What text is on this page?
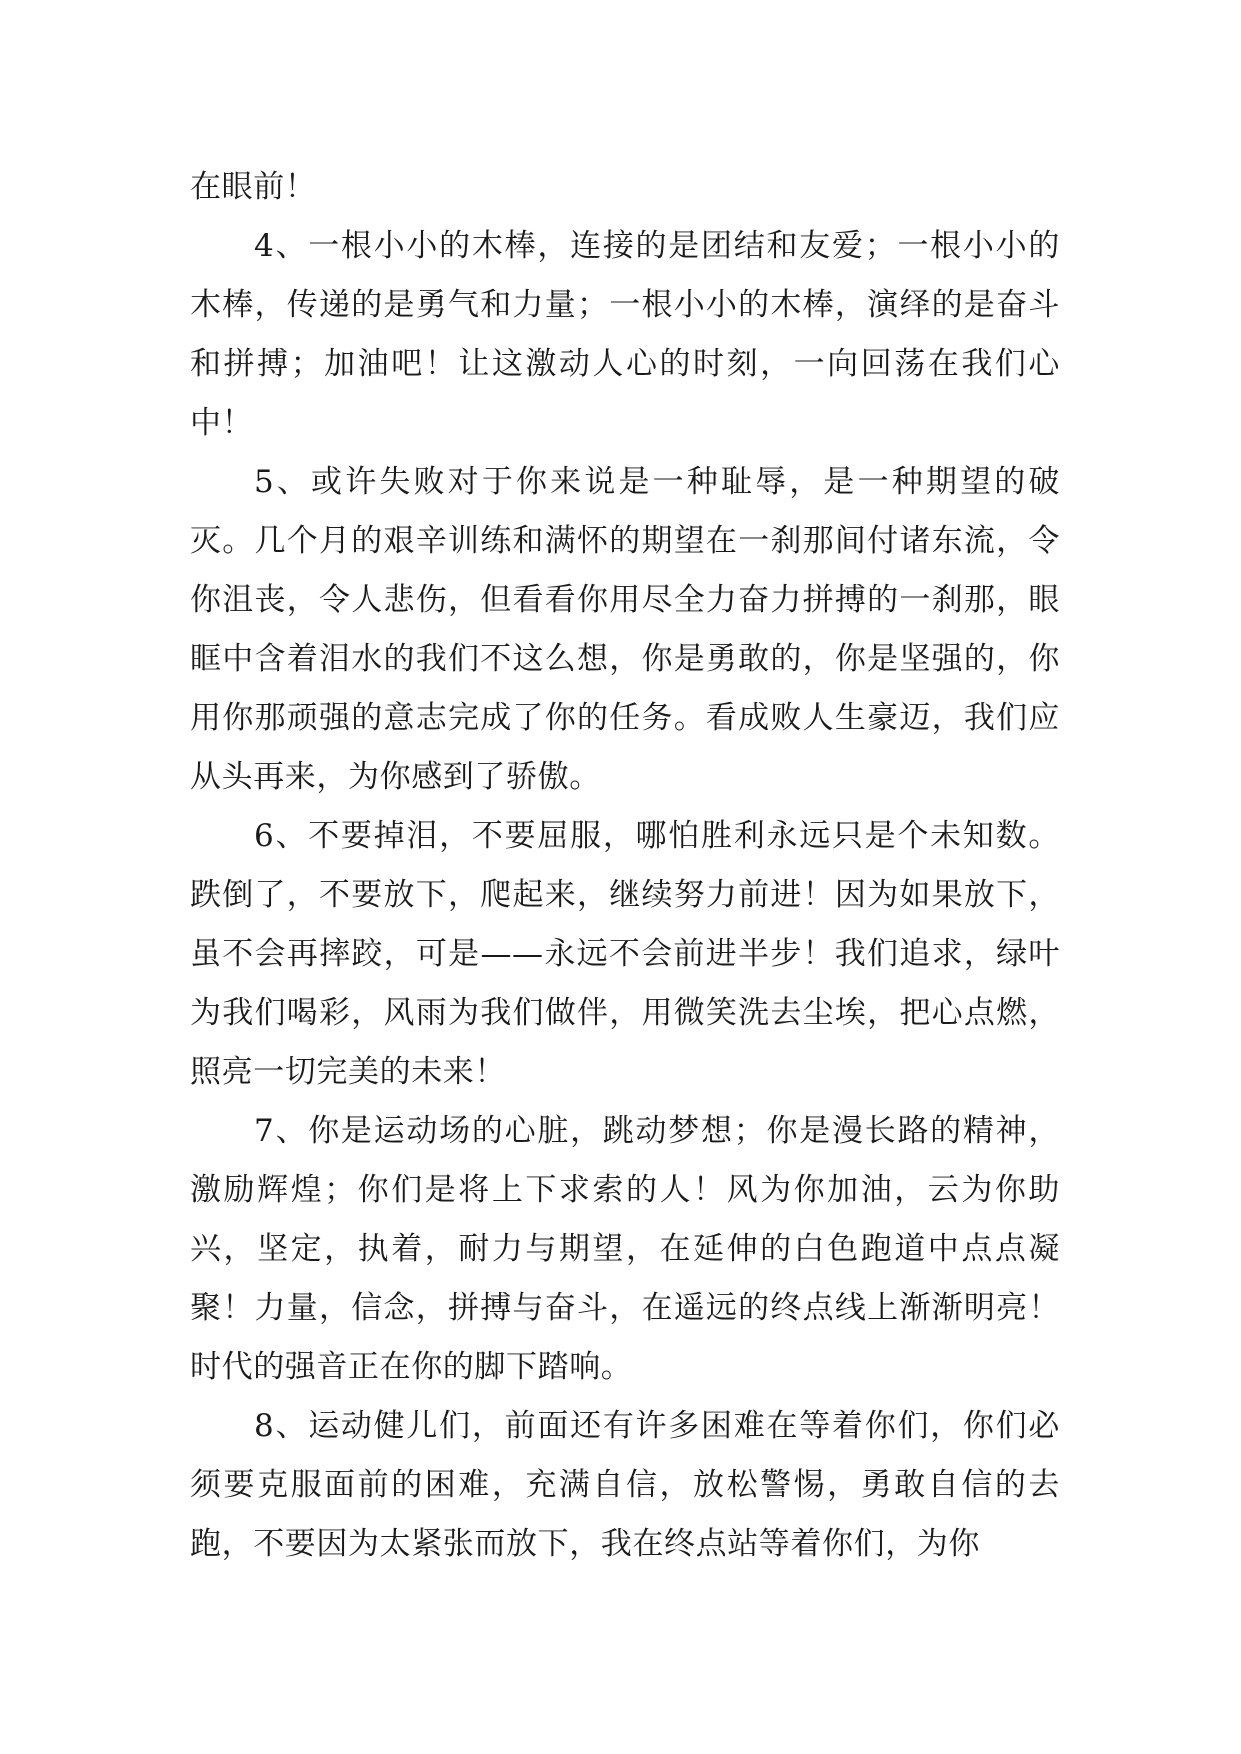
在眼前！

4、一根小小的木棒，连接的是团结和友爱；一根小小的木棒，传递的是勇气和力量；一根小小的木棒，演绎的是奋斗和拼搏；加油吧！让这激动人心的时刻，一向回荡在我们心中！

5、或许失败对于你来说是一种耻辱，是一种期望的破灭。几个月的艰辛训练和满怀的期望在一刹那间付诸东流，令你沮丧，令人悲伤，但看看你用尽全力奋力拼搏的一刹那，眼眶中含着泪水的我们不这么想，你是勇敢的，你是坚强的，你用你那顽强的意志完成了你的任务。看成败人生豪迈，我们应从头再来，为你感到了骄傲。

6、不要掉泪，不要屈服，哪怕胜利永远只是个未知数。跌倒了，不要放下，爬起来，继续努力前进！因为如果放下，虽不会再摔跤，可是——永远不会前进半步！我们追求，绿叶为我们喝彩，风雨为我们做伴，用微笑洗去尘埃，把心点燃，照亮一切完美的未来！

7、你是运动场的心脏，跳动梦想；你是漫长路的精神，激励辉煌；你们是将上下求索的人！风为你加油，云为你助兴，坚定，执着，耐力与期望，在延伸的白色跑道中点点凝聚！力量，信念，拼搏与奋斗，在遥远的终点线上渐渐明亮！时代的强音正在你的脚下踏响。

8、运动健儿们，前面还有许多困难在等着你们，你们必须要克服面前的困难，充满自信，放松警惕，勇敢自信的去跑，不要因为太紧张而放下，我在终点站等着你们，为你
